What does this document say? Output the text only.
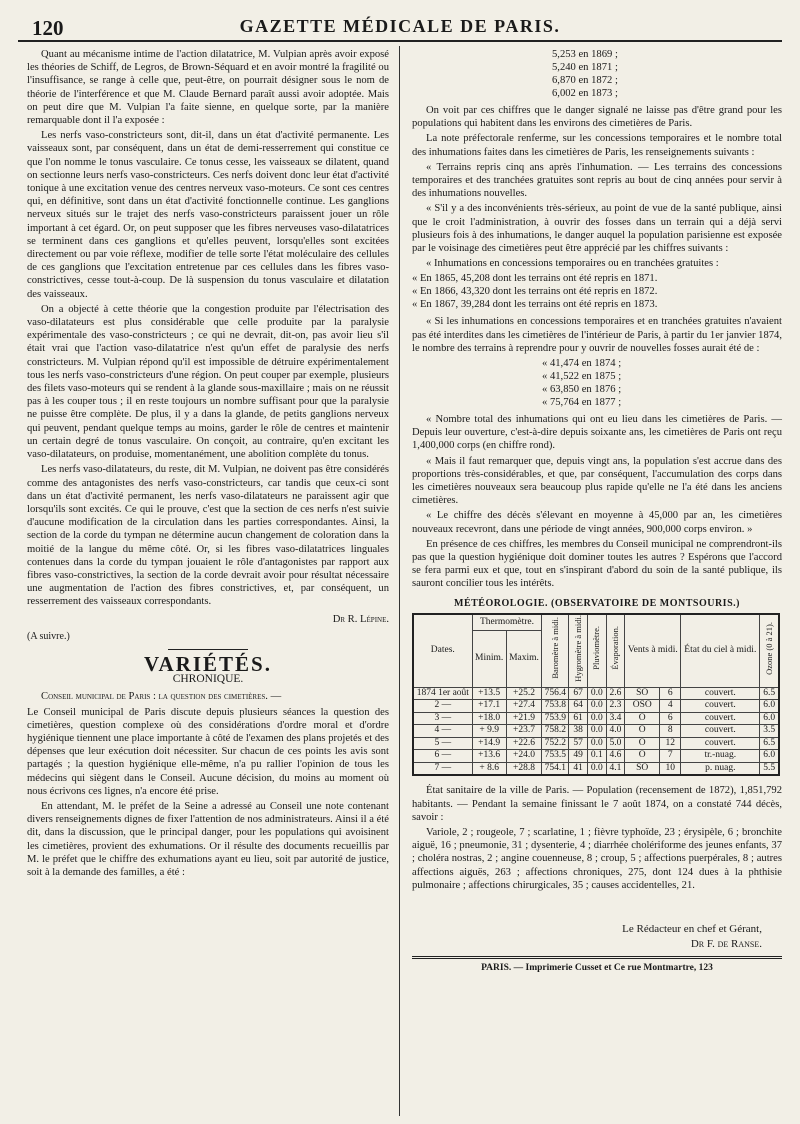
120	GAZETTE MÉDICALE DE PARIS.

Quant au mécanisme intime de l'action dilatatrice, M. Vulpian après avoir exposé les théories de Schiff, de Legros, de Brown-Séquard et en avoir montré la fragilité ou l'insuffisance, se range à celle que, peut-être, on pourrait désigner sous le nom de théorie de l'interférence et que M. Claude Bernard paraît aussi avoir adoptée. Mais on peut dire que M. Vulpian l'a faite sienne, en quelque sorte, par la manière remarquable dont il l'a exposée :

Les nerfs vaso-constricteurs sont, dit-il, dans un état d'activité permanente. Les vaisseaux sont, par conséquent, dans un état de demi-resserrement qui constitue ce que l'on nomme le tonus vasculaire. Ce tonus cesse, les vaisseaux se dilatent, quand on sectionne leurs nerfs vaso-constricteurs. Ces nerfs doivent donc leur état d'activité tonique à une excitation venue des centres nerveux vaso-moteurs. Ce sont ces centres qui, en définitive, sont dans un état d'activité fonctionnelle continue. Les ganglions nerveux situés sur le trajet des nerfs vaso-constricteurs paraissent jouer un rôle important à cet égard. Or, on peut supposer que les fibres nerveuses vaso-dilatatrices se terminent dans ces ganglions et qu'elles peuvent, lorsqu'elles sont excitées directement ou par voie réflexe, modifier de telle sorte l'état moléculaire des cellules de ces ganglions que l'excitation entretenue par ces cellules dans les fibres vaso-constrictives, cesse tout-à-coup. De là suspension du tonus vasculaire et dilatation des vaisseaux.

On a objecté à cette théorie que la congestion produite par l'électrisation des vaso-dilatateurs est plus considérable que celle produite par la paralysie expérimentale des vaso-constricteurs ; ce qui ne devrait, dit-on, pas avoir lieu s'il était vrai que l'action vaso-dilatatrice n'est qu'un effet de paralysie des nerfs constricteurs. M. Vulpian répond qu'il est impossible de détruire expérimentalement tous les nerfs vaso-constricteurs d'une région. On peut couper par exemple, plusieurs des filets vaso-moteurs qui se rendent à la glande sous-maxillaire ; mais on ne réussit pas à les couper tous ; il en reste toujours un nombre suffisant pour que la paralysie ne puisse être complète. De plus, il y a dans la glande, de petits ganglions nerveux qui peuvent, pendant quelque temps au moins, garder le rôle de centres et maintenir un certain degré de tonus vasculaire. On conçoit, au contraire, qu'en excitant les vaso-dilatateurs, on produise, momentanément, une abolition complète du tonus.

Les nerfs vaso-dilatateurs, du reste, dit M. Vulpian, ne doivent pas être considérés comme des antagonistes des nerfs vaso-constricteurs, car tandis que ceux-ci sont dans un état d'activité permanent, les nerfs vaso-dilatateurs ne paraissent agir que lorsqu'ils sont excités. Ce qui le prouve, c'est que la section de ces nerfs n'est suivie d'aucune modification de la circulation dans les parties correspondantes. Ainsi, la section de la corde du tympan ne détermine aucun changement de coloration dans la moitié de la langue du même côté. Or, si les fibres vaso-dilatatrices linguales contenues dans la corde du tympan jouaient le rôle d'antagonistes par rapport aux fibres vaso-constrictives, la section de la corde devrait avoir pour résultat nécessaire une augmentation de l'action des fibres constrictives, et, par conséquent, un resserrement des vaisseaux correspondants.

Dr R. Lépine.
(A suivre.)
VARIÉTÉS.
CHRONIQUE.

Conseil municipal de Paris : la question des cimetières. —

Le Conseil municipal de Paris discute depuis plusieurs séances la question des cimetières, question complexe où des considérations d'ordre moral et d'ordre hygiénique tiennent une place importante à côté de l'examen des plans projetés et des dépenses que leur exécution doit nécessiter. Sur chacun de ces points les avis sont partagés ; la question hygiénique elle-même, n'a pu rallier l'opinion de tous les médecins qui siègent dans le Conseil. Aucune décision, du moins au moment où nous écrivons ces lignes, n'a encore été prise.

En attendant, M. le préfet de la Seine a adressé au Conseil une note contenant divers renseignements dignes de fixer l'attention de nos administrateurs. Ainsi il a été dit, dans la discussion, que le principal danger, pour les populations qui avoisinent les cimetières, provient des exhumations. Or il résulte des documents recueillis par M. le préfet que le chiffre des exhumations ayant eu lieu, soit par autorité de justice, soit à la demande des familles, a été :

5,253 en 1869 ;
5,240 en 1871 ;
6,870 en 1872 ;
6,002 en 1873 ;

On voit par ces chiffres que le danger signalé ne laisse pas d'être grand pour les populations qui habitent dans les environs des cimetières de Paris.

La note préfectorale renferme, sur les concessions temporaires et le nombre total des inhumations faites dans les cimetières de Paris, les renseignements suivants :

« Terrains repris cinq ans après l'inhumation. — Les terrains des concessions temporaires et des tranchées gratuites sont repris au bout de cinq années pour servir à des inhumations nouvelles.

« S'il y a des inconvénients très-sérieux, au point de vue de la santé publique, ainsi que le croit l'administration, à ouvrir des fosses dans un terrain qui a déjà servi plusieurs fois à des inhumations, le danger auquel la population parisienne est exposée par le voisinage des cimetières peut être apprécié par les chiffres suivants :

« Inhumations en concessions temporaires ou en tranchées gratuites :

« En 1865, 45,208 dont les terrains ont été repris en 1871.
« En 1866, 43,320 dont les terrains ont été repris en 1872.
« En 1867, 39,284 dont les terrains ont été repris en 1873.

« Si les inhumations en concessions temporaires et en tranchées gratuites n'avaient pas été interdites dans les cimetières de l'intérieur de Paris, à partir du 1er janvier 1874, le nombre des terrains à reprendre pour y ouvrir de nouvelles fosses aurait été de :

« 41,474 en 1874 ;
« 41,522 en 1875 ;
« 63,850 en 1876 ;
« 75,764 en 1877 ;

« Nombre total des inhumations qui ont eu lieu dans les cimetières de Paris. — Depuis leur ouverture, c'est-à-dire depuis soixante ans, les cimetières de Paris ont reçu 1,400,000 corps (en chiffre rond).

« Mais il faut remarquer que, depuis vingt ans, la population s'est accrue dans des proportions très-considérables, et que, par conséquent, l'accumulation des corps dans les cimetières nouveaux sera beaucoup plus rapide qu'elle ne l'a été dans les anciens cimetières.

« Le chiffre des décès s'élevant en moyenne à 45,000 par an, les cimetières nouveaux recevront, dans une période de vingt années, 900,000 corps environ. »

En présence de ces chiffres, les membres du Conseil municipal ne comprendront-ils pas que la question hygiénique doit dominer toutes les autres ? Espérons que l'accord se fera parmi eux et que, tout en s'inspirant d'abord du soin de la santé publique, ils sauront concilier tous les intérêts.

MÉTÉOROLOGIE. (OBSERVATOIRE DE MONTSOURIS.)
Dates.	Thermomètre.		Baromètre à midi.	Hygromètre à midi.	Pluviomètre.	Évaporation.	Vents à midi.		État du ciel à midi.	Ozone (0 à 21).
	Minim.	Maxim.								
1874 1er août	+13.5	+25.2	756.4	67	0.0	2.6	SO	6	couvert.	6.5
2 —	+17.1	+27.4	753.8	64	0.0	2.3	OSO	4	couvert.	6.0
3 —	+18.0	+21.9	753.9	61	0.0	3.4	O	6	couvert.	6.0
4 —	+ 9.9	+23.7	758.2	38	0.0	4.0	O	8	couvert.	3.5
5 —	+14.9	+22.6	752.2	57	0.0	5.0	O	12	couvert.	6.5
6 —	+13.6	+24.0	753.5	49	0.1	4.6	O	7	tr.-nuag.	6.0
7 —	+ 8.6	+28.8	754.1	41	0.0	4.1	SO	10	p. nuag.	5.5

État sanitaire de la ville de Paris. — Population (recensement de 1872), 1,851,792 habitants. — Pendant la semaine finissant le 7 août 1874, on a constaté 744 décès, savoir :

Variole, 2 ; rougeole, 7 ; scarlatine, 1 ; fièvre typhoïde, 23 ; érysipèle, 6 ; bronchite aiguë, 16 ; pneumonie, 31 ; dysenterie, 4 ; diarrhée cholériforme des jeunes enfants, 37 ; choléra nostras, 2 ; angine couenneuse, 8 ; croup, 5 ; affections puerpérales, 8 ; autres affections aiguës, 263 ; affections chroniques, 275, dont 124 dues à la phthisie pulmonaire ; affections chirurgicales, 35 ; causes accidentelles, 21.

Le Rédacteur en chef et Gérant,
Dr F. de Ranse.
PARIS. — Imprimerie Cusset et Ce rue Montmartre, 123
